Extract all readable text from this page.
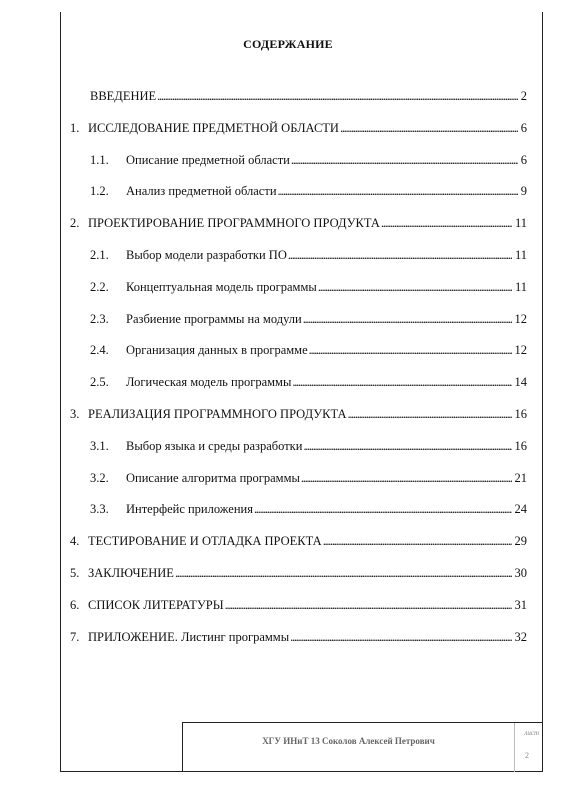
СОДЕРЖАНИЕ
ВВЕДЕНИЕ . . .	2
1. ИССЛЕДОВАНИЕ ПРЕДМЕТНОЙ ОБЛАСТИ . . .	6
1.1. Описание предметной области . . .	6
1.2. Анализ предметной области . . .	9
2. ПРОЕКТИРОВАНИЕ ПРОГРАММНОГО ПРОДУКТА . . .	11
2.1. Выбор модели разработки ПО . . .	11
2.2. Концептуальная модель программы . . .	11
2.3. Разбиение программы на модули . . .	12
2.4. Организация данных в программе . . .	12
2.5. Логическая модель программы . . .	14
3. РЕАЛИЗАЦИЯ ПРОГРАММНОГО ПРОДУКТА . . .	16
3.1. Выбор языка и среды разработки . . .	16
3.2. Описание алгоритма программы . . .	21
3.3. Интерфейс приложения . . .	24
4. ТЕСТИРОВАНИЕ И ОТЛАДКА ПРОЕКТА . . .	29
5. ЗАКЛЮЧЕНИЕ . . .	30
6. СПИСОК ЛИТЕРАТУРЫ . . .	31
7. ПРИЛОЖЕНИЕ. Листинг программы . . .	32
ХГУ ИНиТ 13 Соколов Алексей Петрович
лист
2
